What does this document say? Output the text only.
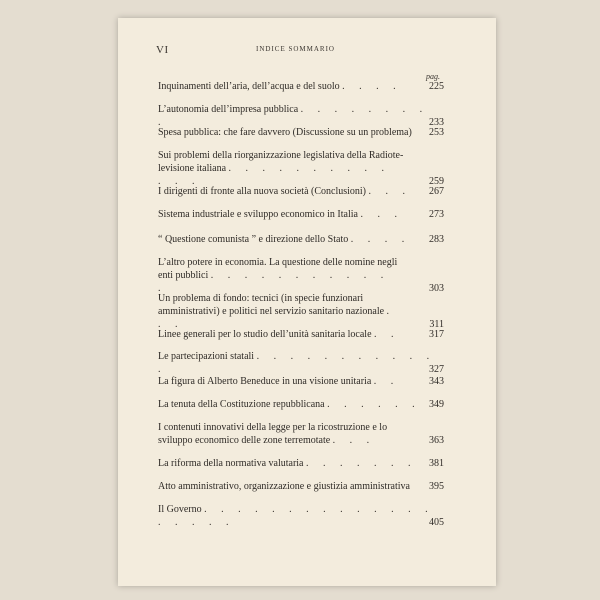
VI	INDICE SOMMARIO
pag.
Inquinamenti dell’aria, dell’acqua e del suolo . . . .	225
L’autonomia dell’impresa pubblica . . . . . . . . .	233
Spesa pubblica: che fare davvero (Discussione su un problema) 253
Sui problemi della riorganizzazione legislativa della Radiote-levisione italiana . . . . . . . . . . . . .	259
I dirigenti di fronte alla nuova società (Conclusioni) . . . 267
Sistema industriale e sviluppo economico in Italia . . .	273
“ Questione comunista ” e direzione dello Stato . . . . 283
L’altro potere in economia. La questione delle nomine negli enti pubblici . . . . . . . . . . . .	303
Un problema di fondo: tecnici (in specie funzionari amministrativi) e politici nel servizio sanitario nazionale . . .	311
Linee generali per lo studio dell’unità sanitaria locale . .	317
Le partecipazioni statali . . . . . . . . . . . .	327
La figura di Alberto Beneduce in una visione unitaria . .	343
La tenuta della Costituzione repubblicana . . . . . . 349
I contenuti innovativi della legge per la ricostruzione e lo sviluppo economico delle zone terremotate . . .	363
La riforma della normativa valutaria . . . . . . . 381
Atto amministrativo, organizzazione e giustizia amministrativa 395
Il Governo . . . . . . . . . . . . . . . . . . .	405
